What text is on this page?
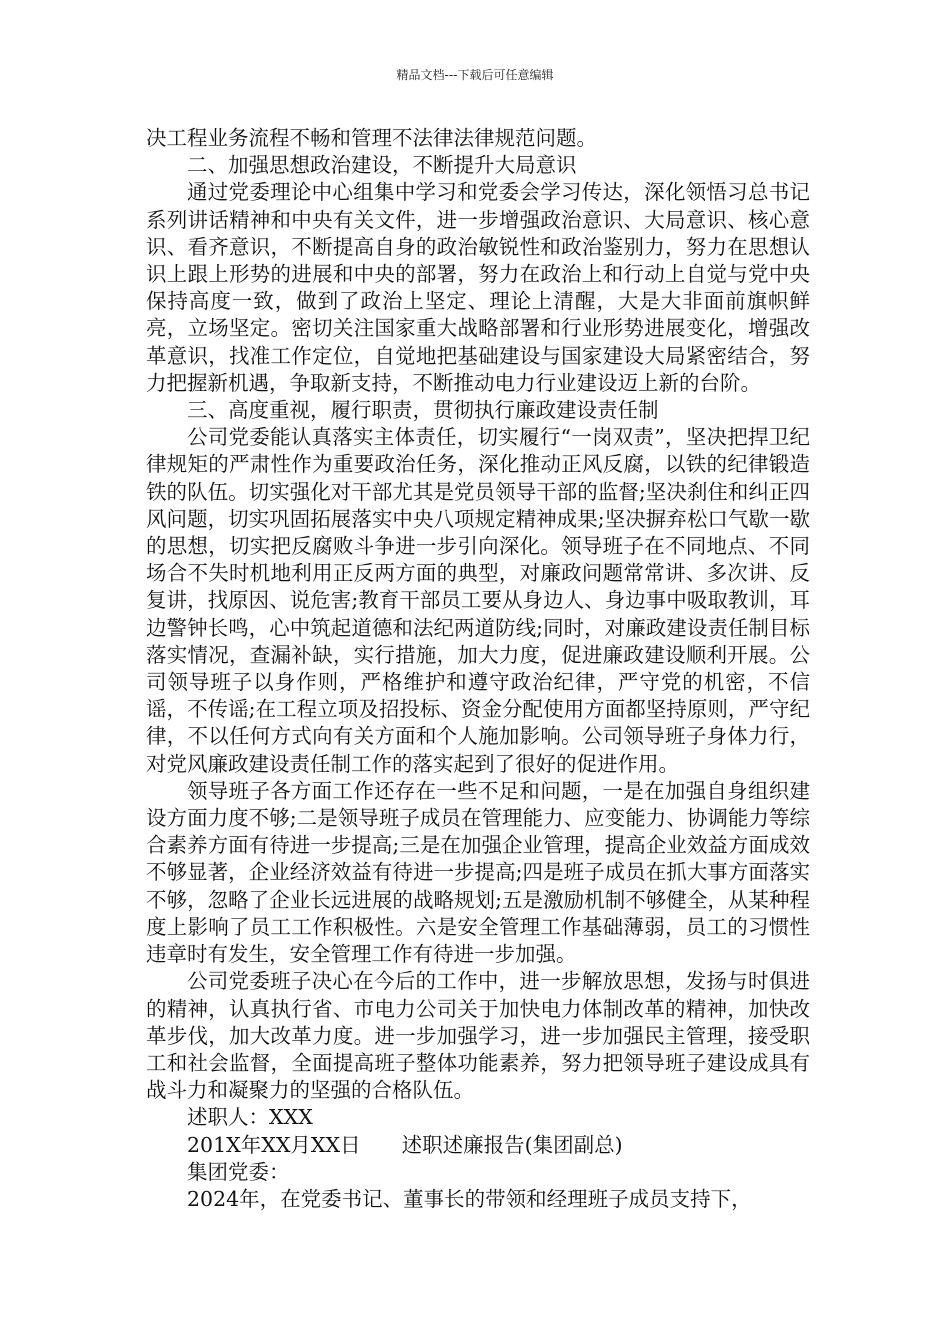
精品文档---下载后可任意编辑

决工程业务流程不畅和管理不法律法律规范问题。

二、加强思想政治建设，不断提升大局意识

通过党委理论中心组集中学习和党委会学习传达，深化领悟习总书记系列讲话精神和中央有关文件，进一步增强政治意识、大局意识、核心意识、看齐意识，不断提高自身的政治敏锐性和政治鉴别力，努力在思想认识上跟上形势的进展和中央的部署，努力在政治上和行动上自觉与党中央保持高度一致，做到了政治上坚定、理论上清醒，大是大非面前旗帜鲜亮，立场坚定。密切关注国家重大战略部署和行业形势进展变化，增强改革意识，找准工作定位，自觉地把基础建设与国家建设大局紧密结合，努力把握新机遇，争取新支持，不断推动电力行业建设迈上新的台阶。

三、高度重视，履行职责，贯彻执行廉政建设责任制

公司党委能认真落实主体责任，切实履行“一岗双责”，坚决把捍卫纪律规矩的严肃性作为重要政治任务，深化推动正风反腐，以铁的纪律锻造铁的队伍。切实强化对干部尤其是党员领导干部的监督;坚决刹住和纠正四风问题，切实巩固拓展落实中央八项规定精神成果;坚决摒弃松口气歇一歇的思想，切实把反腐败斗争进一步引向深化。领导班子在不同地点、不同场合不失时机地利用正反两方面的典型，对廉政问题常常讲、多次讲、反复讲，找原因、说危害;教育干部员工要从身边人、身边事中吸取教训，耳边警钟长鸣，心中筑起道德和法纪两道防线;同时，对廉政建设责任制目标落实情况，查漏补缺，实行措施，加大力度，促进廉政建设顺利开展。公司领导班子以身作则，严格维护和遵守政治纪律，严守党的机密，不信谣，不传谣;在工程立项及招投标、资金分配使用方面都坚持原则，严守纪律，不以任何方式向有关方面和个人施加影响。公司领导班子身体力行，对党风廉政建设责任制工作的落实起到了很好的促进作用。

领导班子各方面工作还存在一些不足和问题，一是在加强自身组织建设方面力度不够;二是领导班子成员在管理能力、应变能力、协调能力等综合素养方面有待进一步提高;三是在加强企业管理，提高企业效益方面成效不够显著，企业经济效益有待进一步提高;四是班子成员在抓大事方面落实不够，忽略了企业长远进展的战略规划;五是激励机制不够健全，从某种程度上影响了员工工作积极性。六是安全管理工作基础薄弱，员工的习惯性违章时有发生，安全管理工作有待进一步加强。

公司党委班子决心在今后的工作中，进一步解放思想，发扬与时俱进的精神，认真执行省、市电力公司关于加快电力体制改革的精神，加快改革步伐，加大改革力度。进一步加强学习，进一步加强民主管理，接受职工和社会监督，全面提高班子整体功能素养，努力把领导班子建设成具有战斗力和凝聚力的坚强的合格队伍。

述职人：XXX

201X年XX月XX日　　述职述廉报告(集团副总)

集团党委：

2024年，在党委书记、董事长的带领和经理班子成员支持下，
